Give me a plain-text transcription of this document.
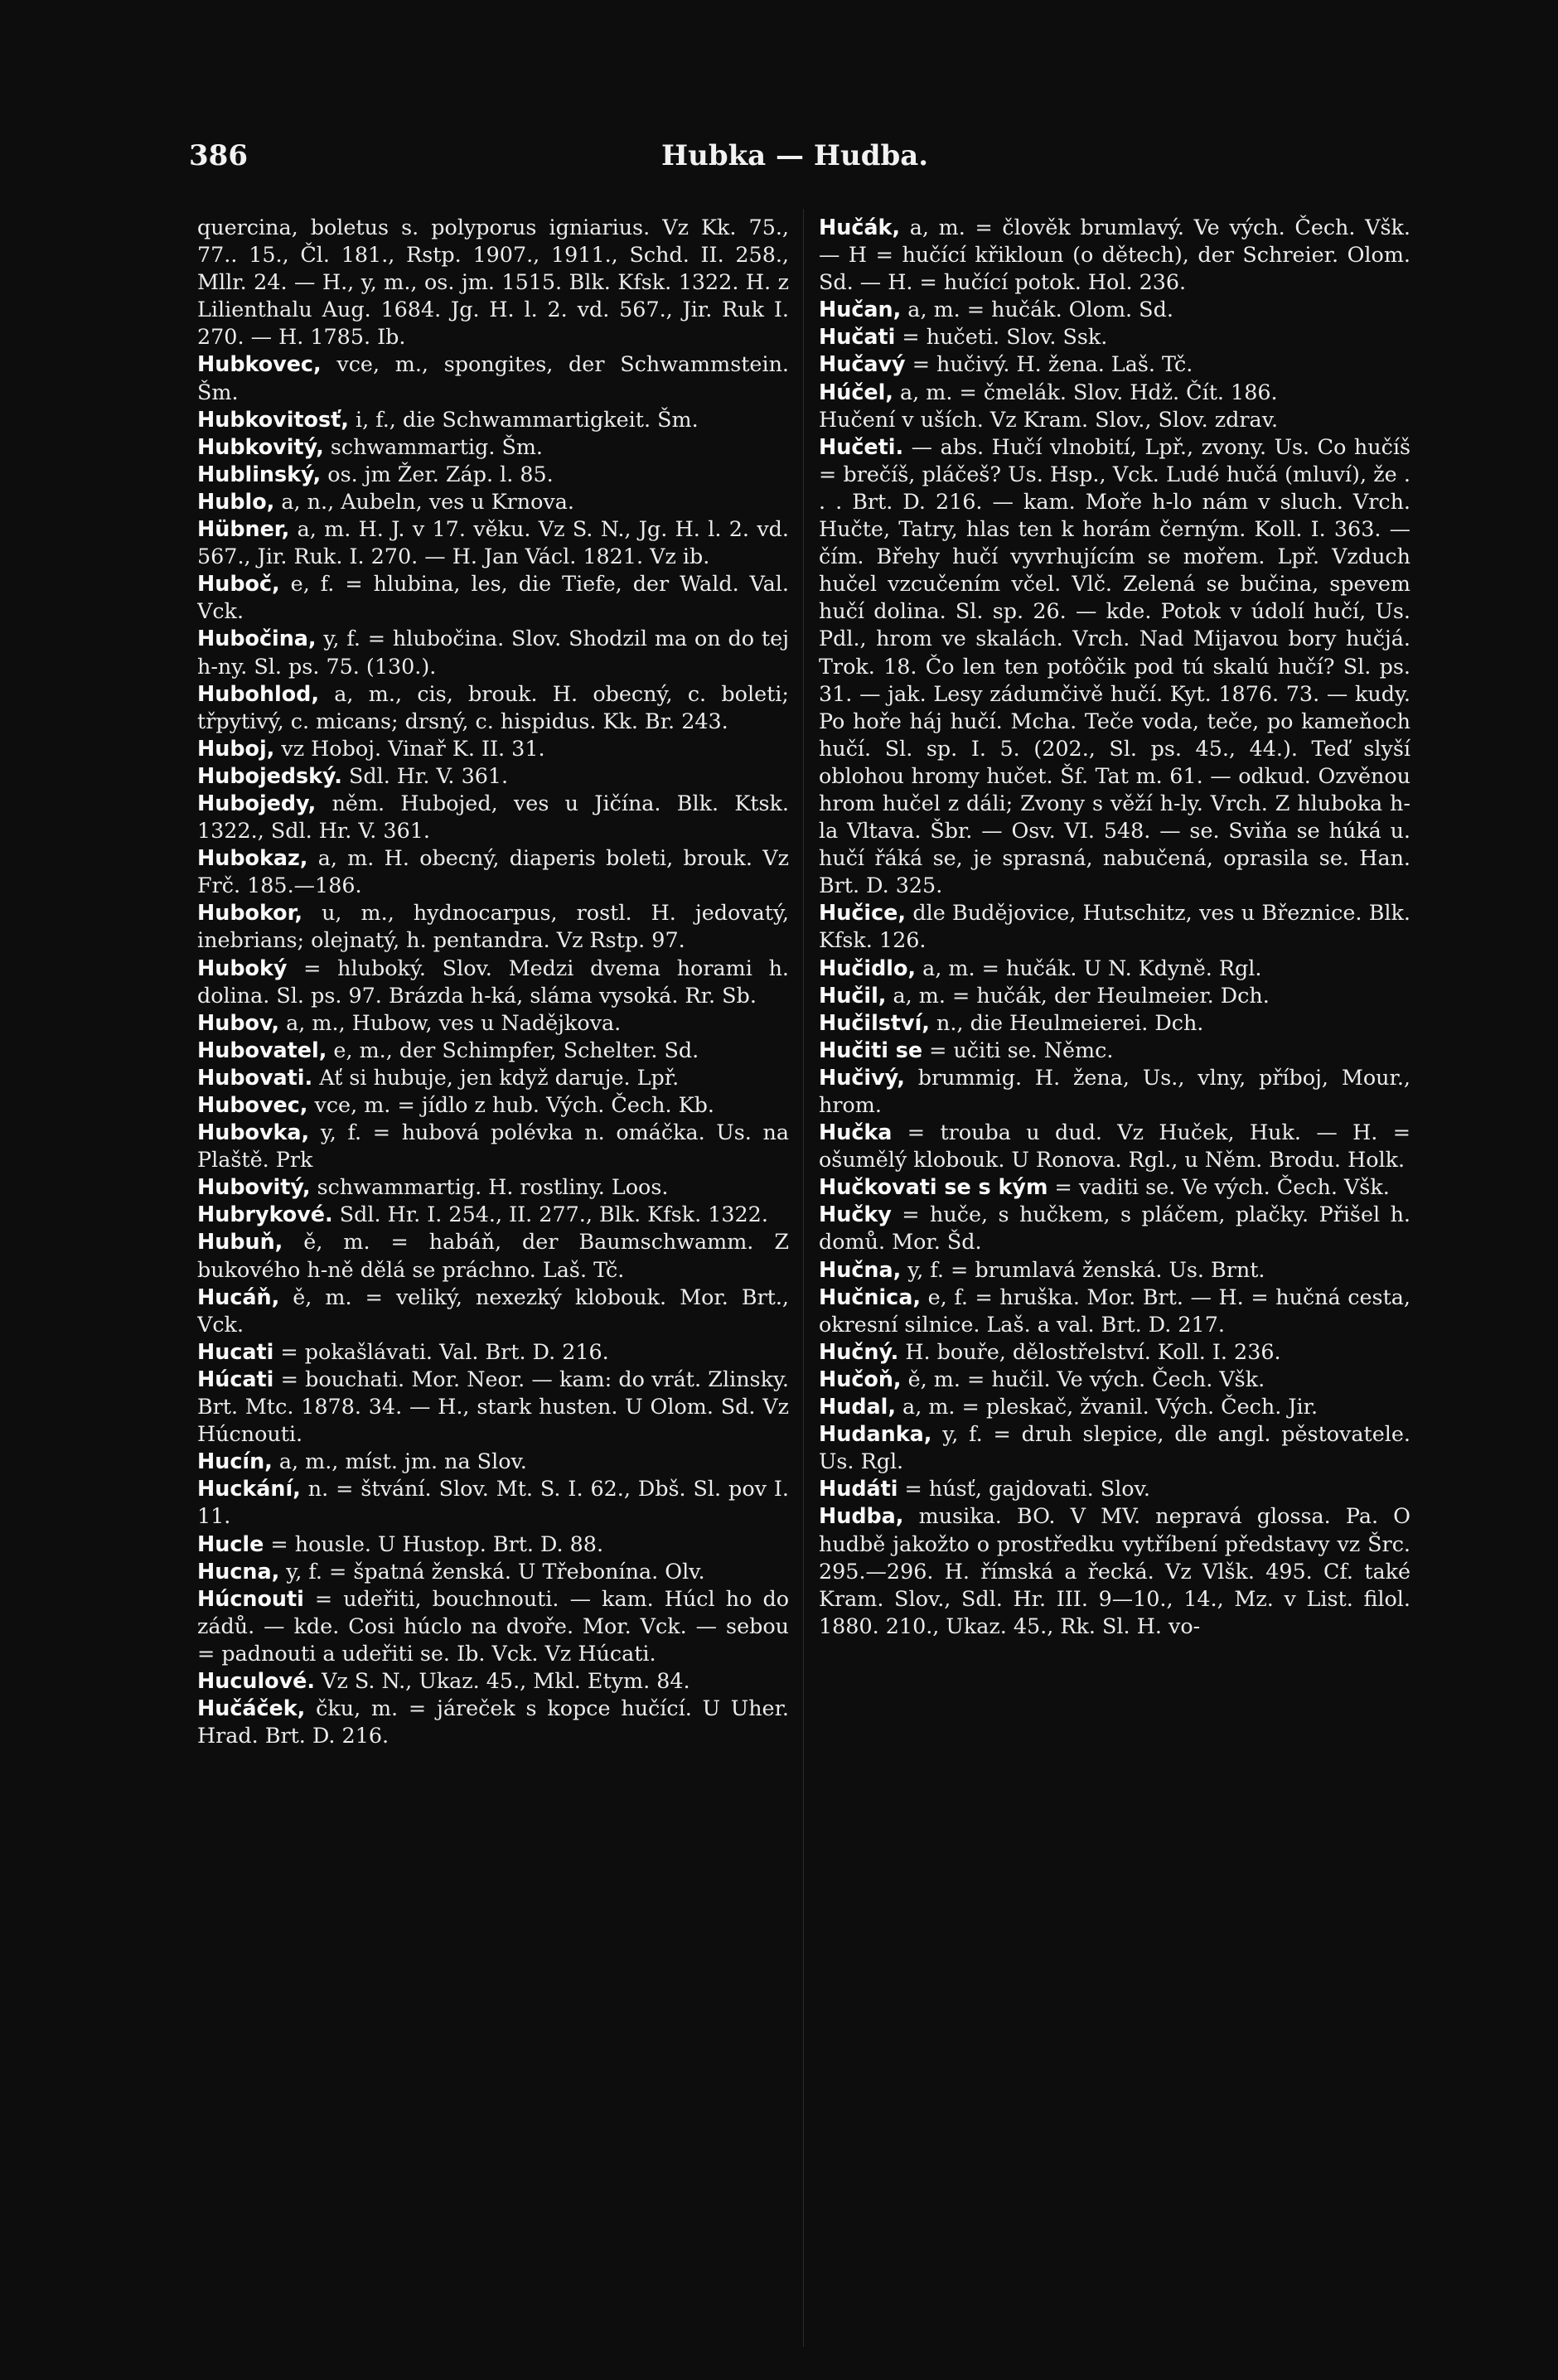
386	Hubka — Hudba.

quercina, boletus s. polyporus igniarius. Vz Kk. 75., 77.. 15., Čl. 181., Rstp. 1907., 1911., Schd. II. 258., Mllr. 24. — H., y, m., os. jm. 1515. Blk. Kfsk. 1322. H. z Lilienthalu Aug. 1684. Jg. H. l. 2. vd. 567., Jir. Ruk I. 270. — H. 1785. Ib.

Hubkovec, vce, m., spongites, der Schwammstein. Šm.

Hubkovitosť, i, f., die Schwammartigkeit. Šm.

Hubkovitý, schwammartig. Šm.

Hublinský, os. jm Žer. Záp. l. 85.

Hublo, a, n., Aubeln, ves u Krnova.

Hübner, a, m. H. J. v 17. věku. Vz S. N., Jg. H. l. 2. vd. 567., Jir. Ruk. I. 270. — H. Jan Václ. 1821. Vz ib.

Huboč, e, f. = hlubina, les, die Tiefe, der Wald. Val. Vck.

Hubočina, y, f. = hlubočina. Slov. Shodzil ma on do tej h-ny. Sl. ps. 75. (130.).

Hubohlod, a, m., cis, brouk. H. obecný, c. boleti; třpytivý, c. micans; drsný, c. hispidus. Kk. Br. 243.

Huboj, vz Hoboj. Vinař K. II. 31.

Hubojedský. Sdl. Hr. V. 361.

Hubojedy, něm. Huboјed, ves u Jičína. Blk. Ktsk. 1322., Sdl. Hr. V. 361.

Hubokaz, a, m. H. obecný, diaperis boleti, brouk. Vz Frč. 185.—186.

Hubokor, u, m., hydnocarpus, rostl. H. jedovatý, inebrians; olejnatý, h. pentandra. Vz Rstp. 97.

Huboký = hluboký. Slov. Medzi dvema horami h. dolina. Sl. ps. 97. Brázda h-ká, sláma vysoká. Rr. Sb.

Hubov, a, m., Hubow, ves u Nadějkova.

Hubovatel, e, m., der Schimpfer, Schelter. Sd.

Hubovati. Ať si hubuje, jen když daruje. Lpř.

Hubovec, vce, m. = jídlo z hub. Vých. Čech. Kb.

Hubovka, y, f. = hubová polévka n. omáčka. Us. na Plaště. Prk

Hubovitý, schwammartig. H. rostliny. Loos.

Hubrykové. Sdl. Hr. I. 254., II. 277., Blk. Kfsk. 1322.

Hubuň, ě, m. = habáň, der Baumschwamm. Z bukového h-ně dělá se práchno. Laš. Tč.

Hucáň, ě, m. = veliký, neхezký klobouk. Mor. Brt., Vck.

Hucati = pokašlávati. Val. Brt. D. 216.

Húcati = bouchati. Mor. Neor. — kam: do vrát. Zlinsky. Brt. Mtc. 1878. 34. — H., stark husten. U Olom. Sd. Vz Húcnouti.

Hucín, a, m., míst. jm. na Slov.

Huckání, n. = štvání. Slov. Mt. S. I. 62., Dbš. Sl. pov I. 11.

Hucle = housle. U Hustop. Brt. D. 88.

Hucna, y, f. = špatná ženská. U Třebonína. Olv.

Húcnouti = udeřiti, bouchnouti. — kam. Húcl ho do zádů. — kde. Cosi húclo na dvoře. Mor. Vck. — sebou = padnouti a udeřiti se. Ib. Vck. Vz Húcati.

Huculové. Vz S. N., Ukaz. 45., Mkl. Etym. 84.

Hučáček, čku, m. = járeček s kopce hučící. U Uher. Hrad. Brt. D. 216.

Hučák, a, m. = člověk brumlavý. Ve vých. Čech. Všk. — H = hučící křikloun (o dětech), der Schreier. Olom. Sd. — H. = hučící potok. Hol. 236.

Hučan, a, m. = hučák. Olom. Sd.

Hučati = hučeti. Slov. Ssk.

Hučavý = hučivý. H. žena. Laš. Tč.

Húčel, a, m. = čmelák. Slov. Hdž. Čít. 186.

Hučení v uších. Vz Kram. Slov., Slov. zdrav.

Hučeti. — abs. Hučí vlnobití, Lpř., zvony. Us. Co hučíš = brečíš, pláčeš? Us. Hsp., Vck. Ludé hučá (mluví), že . . . Brt. D. 216. — kam. Moře h-lo nám v sluch. Vrch. Hučte, Tatry, hlas ten k horám černým. Koll. I. 363. — čím. Břehy hučí vyvrhujícím se mořem. Lpř. Vzduch hučel vzcučením včel. Vlč. Zelená se bučina, spevem hučí dolina. Sl. sp. 26. — kde. Potok v údolí hučí, Us. Pdl., hrom ve skalách. Vrch. Nad Mijavou bory hučjá. Trok. 18. Čo len ten potôčik pod tú skalú hučí? Sl. ps. 31. — jak. Lesy zádumčivě hučí. Kyt. 1876. 73. — kudy. Po hoře háj hučí. Mcha. Teče voda, teče, po kameňoch hučí. Sl. sp. I. 5. (202., Sl. ps. 45., 44.). Teď slyší oblohou hromy hučet. Šf. Tat m. 61. — odkud. Ozvěnou hrom hučel z dáli; Zvony s věží h-ly. Vrch. Z hluboka h-la Vltava. Šbr. — Osv. VI. 548. — se. Sviňa se húká u. hučí řáká se, je sprasná, nabučená, oprasila se. Han. Brt. D. 325.

Hučice, dle Budějovice, Hutschitz, ves u Březnice. Blk. Kfsk. 126.

Hučidlo, a, m. = hučák. U N. Kdyně. Rgl.

Hučil, a, m. = hučák, der Heulmeier. Dch.

Hučilství, n., die Heulmeierei. Dch.

Hučiti se = učiti se. Němc.

Hučivý, brummig. H. žena, Us., vlny, příboj, Mour., hrom.

Hučka = trouba u dud. Vz Huček, Huk. — H. = ošumělý klobouk. U Ronova. Rgl., u Něm. Brodu. Holk.

Hučkovati se s kým = vaditi se. Ve vých. Čech. Všk.

Hučky = huče, s hučkem, s pláčem, plačky. Přišel h. domů. Mor. Šd.

Hučna, y, f. = brumlavá ženská. Us. Brnt.

Hučnica, e, f. = hruška. Mor. Brt. — H. = hučná cesta, okresní silnice. Laš. a val. Brt. D. 217.

Hučný. H. bouře, dělostřelství. Koll. I. 236.

Hučoň, ě, m. = hučil. Ve vých. Čech. Všk.

Hudal, a, m. = pleskač, žvanil. Vých. Čech. Jir.

Hudanka, y, f. = druh slepice, dle angl. pěstovatele. Us. Rgl.

Hudáti = húsť, gajdovati. Slov.

Hudba, musika. BO. V MV. nepravá glossa. Pa. O hudbě jakožto o prostředku vytříbení představy vz Šrc. 295.—296. H. římská a řecká. Vz Vlšk. 495. Cf. také Kram. Slov., Sdl. Hr. III. 9—10., 14., Mz. v List. filol. 1880. 210., Ukaz. 45., Rk. Sl. H. vo-
